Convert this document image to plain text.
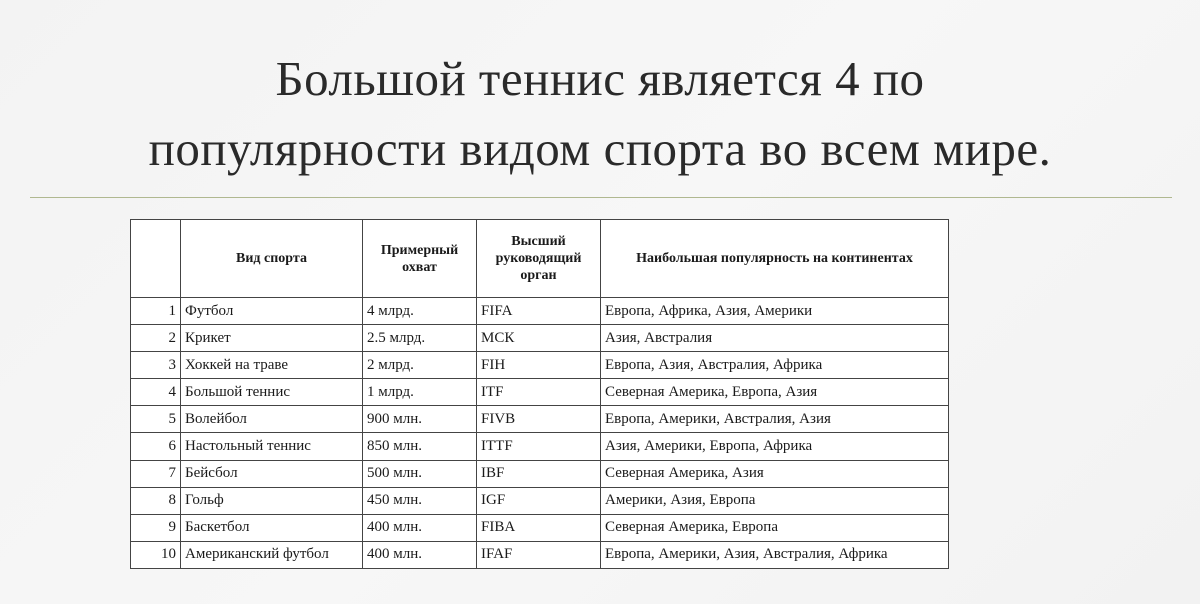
Большой теннис является 4 по
популярности видом спорта во всем мире.
	Вид спорта	Примерный охват	Высший руководящий орган	Наибольшая популярность на континентах
1	Футбол	4 млрд.	FIFA	Европа, Африка, Азия, Америки
2	Крикет	2.5 млрд.	МСК	Азия, Австралия
3	Хоккей на траве	2 млрд.	FIH	Европа, Азия, Австралия, Африка
4	Большой теннис	1 млрд.	ITF	Северная Америка, Европа, Азия
5	Волейбол	900 млн.	FIVB	Европа, Америки, Австралия, Азия
6	Настольный теннис	850 млн.	ITTF	Азия, Америки, Европа, Африка
7	Бейсбол	500 млн.	IBF	Северная Америка, Азия
8	Гольф	450 млн.	IGF	Америки, Азия, Европа
9	Баскетбол	400 млн.	FIBA	Северная Америка, Европа
10	Американский футбол	400 млн.	IFAF	Европа, Америки, Азия, Австралия, Африка
